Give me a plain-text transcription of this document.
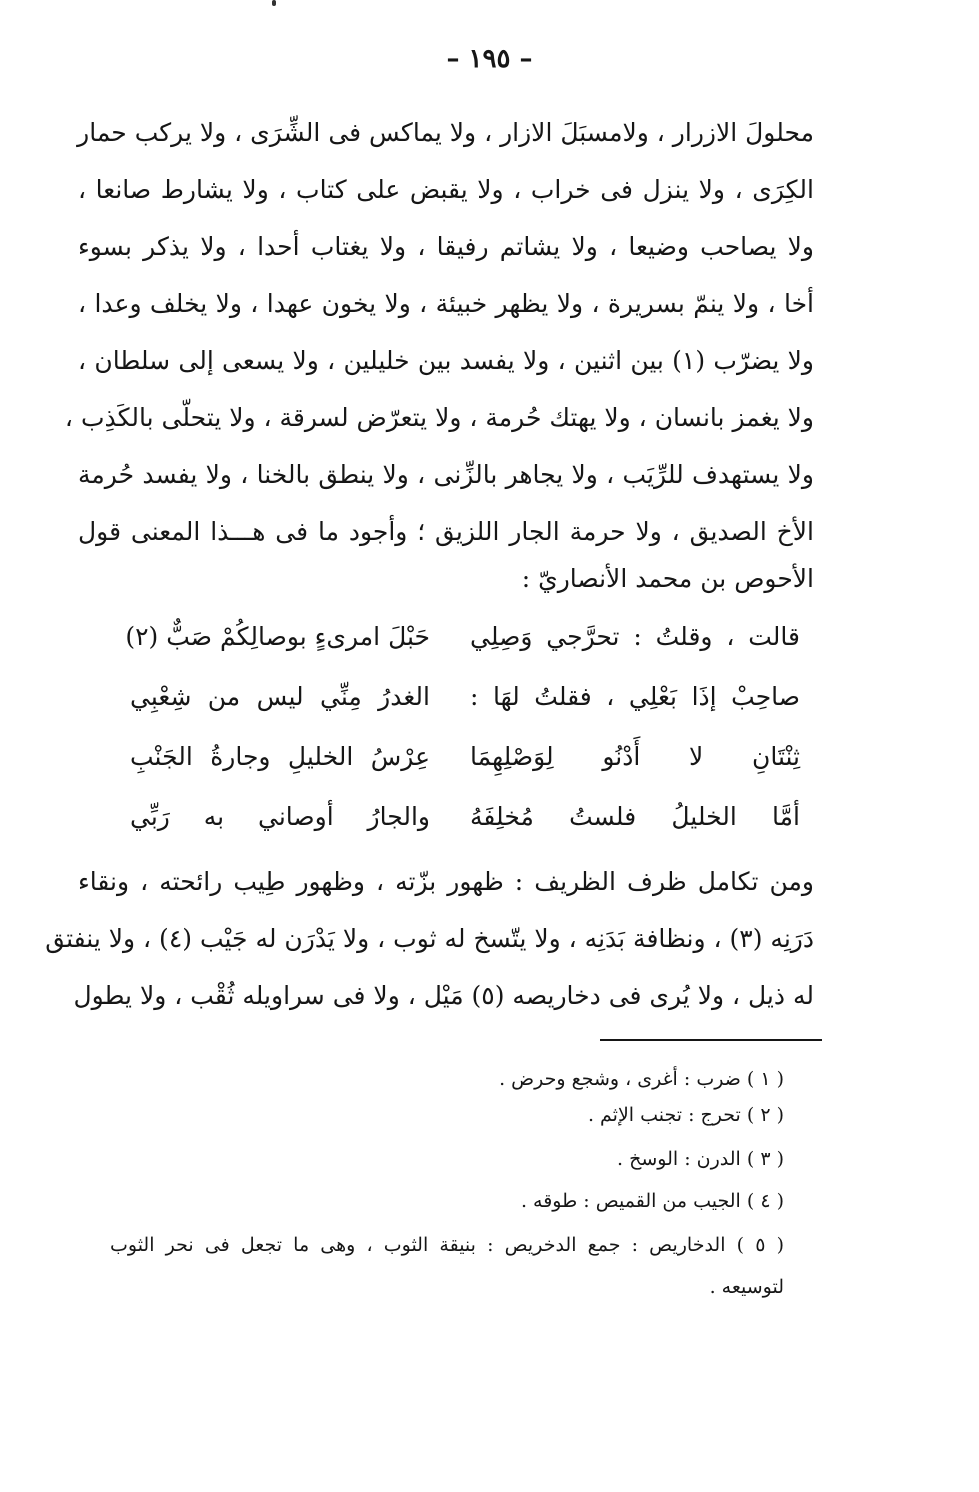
– ١٩٥ –
محلولَ الازرار ، ولامسبَلَ الازار ، ولا يماكس فى الشِّرَى ، ولا يركب حمار
الكِرَى ، ولا ينزل فى خراب ، ولا يقبض على كتاب ، ولا يشارط صانعا ،
ولا يصاحب وضيعا ، ولا يشاتم رفيقا ، ولا يغتاب أحدا ، ولا يذكر بسوء
أخا ، ولا ينمّ بسريرة ، ولا يظهر خبيئة ، ولا يخون عهدا ، ولا يخلف وعدا ،
ولا يضرّب (١) بين اثنين ، ولا يفسد بين خليلين ، ولا يسعى إلى سلطان ،
ولا يغمز بانسان ، ولا يهتك حُرمة ، ولا يتعرّض لسرقة ، ولا يتحلّى بالكَذِب ،
ولا يستهدف للرِّيَب ، ولا يجاهر بالزِّنى ، ولا ينطق بالخنا ، ولا يفسد حُرمة
الأخ الصديق ، ولا حرمة الجار اللزيق ؛ وأجود ما فى هـــذا المعنى قول
الأحوص بن محمد الأنصاريّ :
قالت ، وقلتُ : تحرَّجي وَصِلِي
حَبْلَ امرىءٍ بوصالِكُمْ صَبٌّ (٢)
صاحِبْ إذَا بَعْلِي ، فقلتُ لهَا :
الغدرُ مِنِّي ليس من شِعْبِي
ثِنْتَانِ لا أَدْنُو لِوَصْلِهِمَا
عِرْسُ الخليلِ وجارةُ الجَنْبِ
أمَّا الخليلُ فلستُ مُخلِفَهُ
والجارُ أوصاني به رَبِّي
ومن تكامل ظرف الظريف : ظهور بزّته ، وظهور طِيب رائحته ، ونقاء
دَرَنِه (٣) ، ونظافة بَدَنِه ، ولا يتّسخ له ثوب ، ولا يَدْرَن له جَيْب (٤) ، ولا ينفتق
له ذيل ، ولا يُرى فى دخاريصه (٥) مَيْل ، ولا فى سراويله ثُقْب ، ولا يطول
( ١ ) ضرب : أغرى ، وشجع وحرض .
( ٢ ) تحرج : تجنب الإثم .
( ٣ ) الدرن : الوسخ .
( ٤ ) الجيب من القميص : طوقه .
( ٥ ) الدخاريص : جمع الدخريص : بنيقة الثوب ، وهى ما تجعل فى نحر الثوب
لتوسيعه .
